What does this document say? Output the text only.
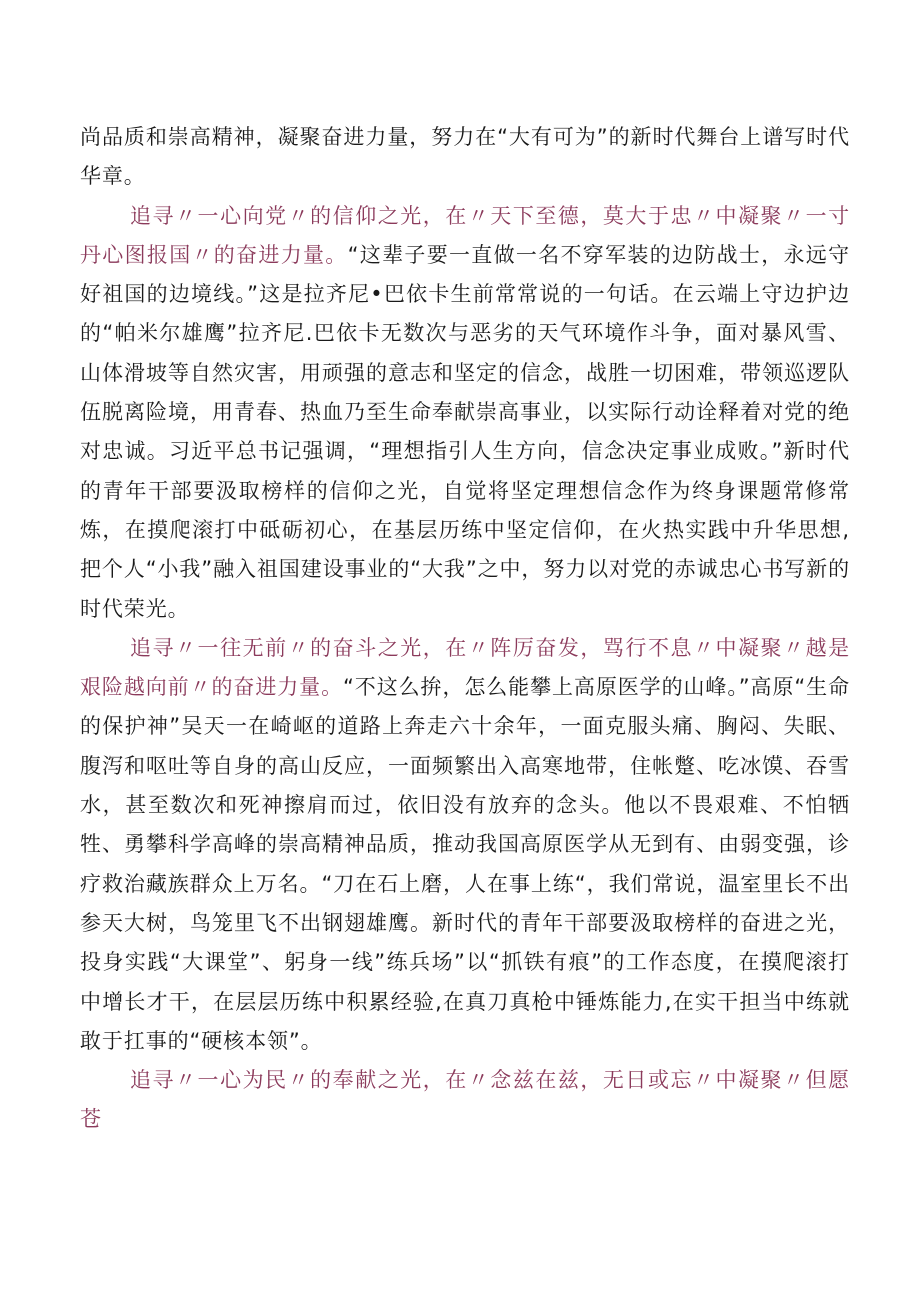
尚品质和崇高精神，凝聚奋进力量，努力在“大有可为”的新时代舞台上谱写时代华章。

追寻〃一心向党〃的信仰之光，在〃天下至德，莫大于忠〃中凝聚〃一寸丹心图报国〃的奋进力量。“这辈子要一直做一名不穿军装的边防战士，永远守好祖国的边境线。”这是拉齐尼•巴依卡生前常常说的一句话。在云端上守边护边的“帕米尔雄鹰”拉齐尼.巴依卡无数次与恶劣的天气环境作斗争，面对暴风雪、山体滑坡等自然灾害，用顽强的意志和坚定的信念，战胜一切困难，带领巡逻队伍脱离险境，用青春、热血乃至生命奉献崇高事业，以实际行动诠释着对党的绝对忠诚。习近平总书记强调，“理想指引人生方向，信念决定事业成败。”新时代的青年干部要汲取榜样的信仰之光，自觉将坚定理想信念作为终身课题常修常炼，在摸爬滚打中砥砺初心，在基层历练中坚定信仰，在火热实践中升华思想,把个人“小我”融入祖国建设事业的“大我”之中，努力以对党的赤诚忠心书写新的时代荣光。

追寻〃一往无前〃的奋斗之光，在〃阵厉奋发，骂行不息〃中凝聚〃越是艰险越向前〃的奋进力量。“不这么拚，怎么能攀上高原医学的山峰。”高原“生命的保护神”吴天一在崎岖的道路上奔走六十余年，一面克服头痛、胸闷、失眠、腹泻和呕吐等自身的高山反应，一面频繁出入高寒地带，住帐蹩、吃冰馍、吞雪水，甚至数次和死神擦肩而过，依旧没有放弃的念头。他以不畏艰难、不怕牺牲、勇攀科学高峰的崇高精神品质，推动我国高原医学从无到有、由弱变强，诊疗救治藏族群众上万名。“刀在石上磨，人在事上练“，我们常说，温室里长不出参天大树，鸟笼里飞不出钢翅雄鹰。新时代的青年干部要汲取榜样的奋进之光，投身实践“大课堂”、躬身一线”练兵场”以“抓铁有痕”的工作态度，在摸爬滚打中增长才干，在层层历练中积累经验,在真刀真枪中锤炼能力,在实干担当中练就敢于扛事的“硬核本领”。

追寻〃一心为民〃的奉献之光，在〃念兹在兹，无日或忘〃中凝聚〃但愿苍
